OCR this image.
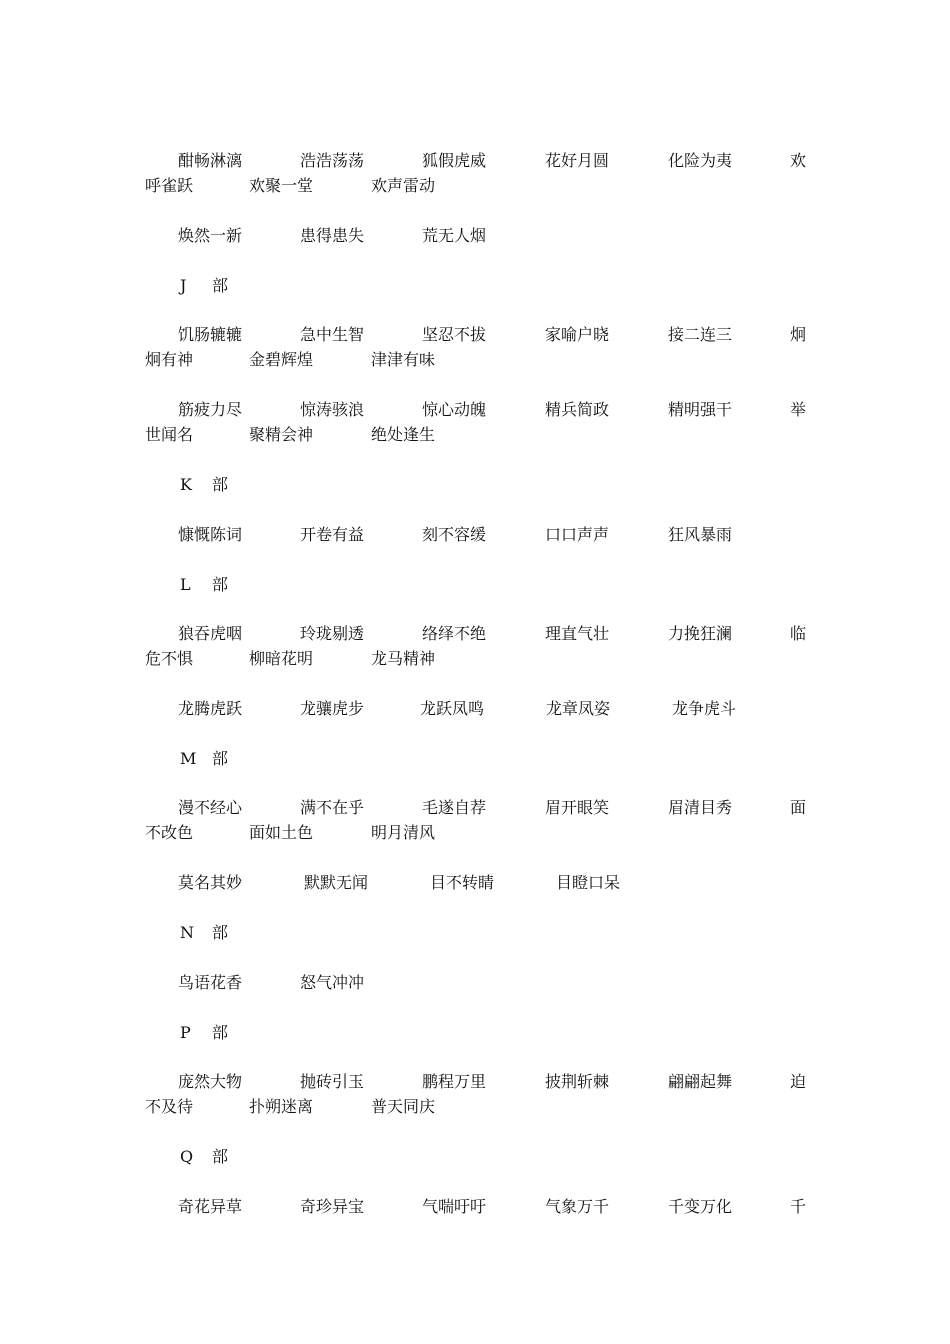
酣畅淋漓	浩浩荡荡	狐假虎威	花好月圆	化险为夷	欢
呼雀跃	欢聚一堂	欢声雷动
焕然一新	患得患失	荒无人烟
J 部
饥肠辘辘	急中生智	坚忍不拔	家喻户晓	接二连三	炯
炯有神	金碧辉煌	津津有味
筋疲力尽	惊涛骇浪	惊心动魄	精兵简政	精明强干	举
世闻名	聚精会神	绝处逢生
K 部
慷慨陈词	开卷有益	刻不容缓	口口声声	狂风暴雨
L 部
狼吞虎咽	玲珑剔透	络绎不绝	理直气壮	力挽狂澜	临
危不惧	柳暗花明	龙马精神
龙腾虎跃	龙骧虎步	龙跃凤鸣	龙章凤姿	龙争虎斗
M 部
漫不经心	满不在乎	毛遂自荐	眉开眼笑	眉清目秀	面
不改色	面如土色	明月清风
莫名其妙	默默无闻	目不转睛	目瞪口呆
N 部
鸟语花香	怒气冲冲
P 部
庞然大物	抛砖引玉	鹏程万里	披荆斩棘	翩翩起舞	迫
不及待	扑朔迷离	普天同庆
Q 部
奇花异草	奇珍异宝	气喘吁吁	气象万千	千变万化	千
